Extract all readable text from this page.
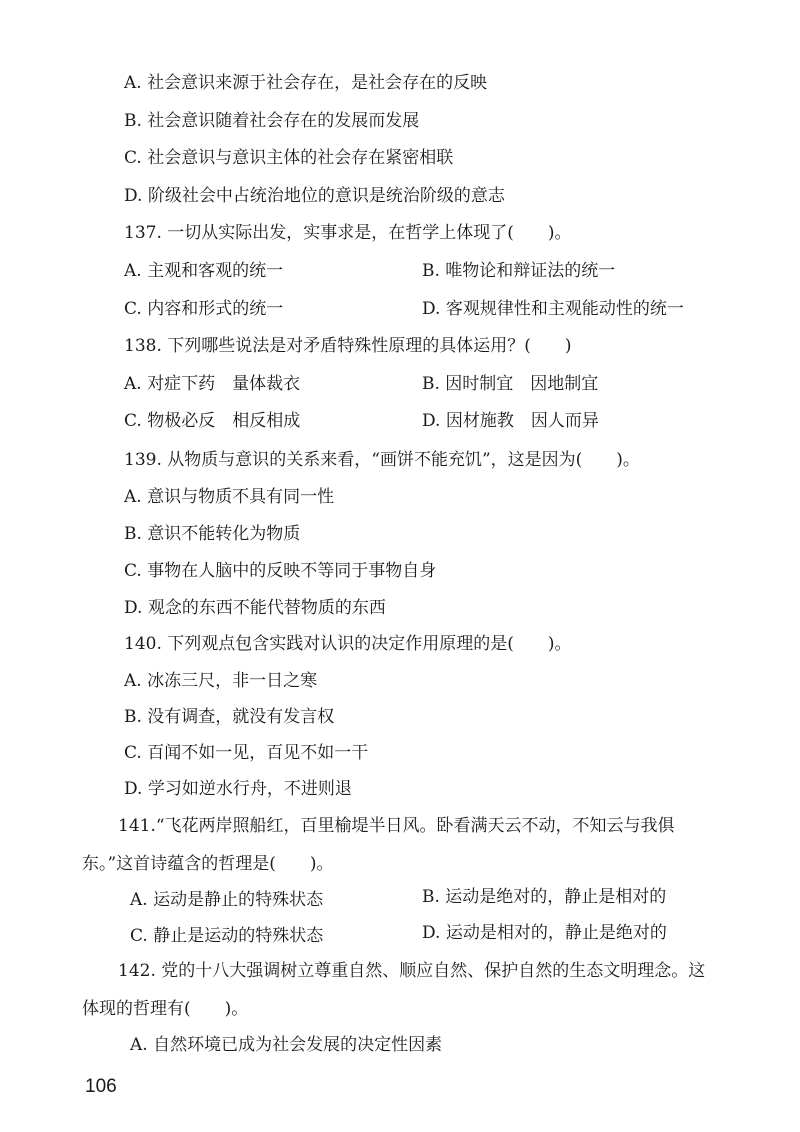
A. 社会意识来源于社会存在，是社会存在的反映
B. 社会意识随着社会存在的发展而发展
C. 社会意识与意识主体的社会存在紧密相联
D. 阶级社会中占统治地位的意识是统治阶级的意志
137. 一切从实际出发，实事求是，在哲学上体现了(　　)。
A. 主观和客观的统一	B. 唯物论和辩证法的统一
C. 内容和形式的统一	D. 客观规律性和主观能动性的统一
138. 下列哪些说法是对矛盾特殊性原理的具体运用？(　　)
A. 对症下药　量体裁衣	B. 因时制宜　因地制宜
C. 物极必反　相反相成	D. 因材施教　因人而异
139. 从物质与意识的关系来看，“画饼不能充饥”，这是因为(　　)。
A. 意识与物质不具有同一性
B. 意识不能转化为物质
C. 事物在人脑中的反映不等同于事物自身
D. 观念的东西不能代替物质的东西
140. 下列观点包含实践对认识的决定作用原理的是(　　)。
A. 冰冻三尺，非一日之寒
B. 没有调查，就没有发言权
C. 百闻不如一见，百见不如一干
D. 学习如逆水行舟，不进则退
141.“飞花两岸照船红，百里榆堤半日风。卧看满天云不动，不知云与我俱
东。”这首诗蕴含的哲理是(　　)。
A. 运动是静止的特殊状态	B. 运动是绝对的，静止是相对的
C. 静止是运动的特殊状态	D. 运动是相对的，静止是绝对的
142. 党的十八大强调树立尊重自然、顺应自然、保护自然的生态文明理念。这
体现的哲理有(　　)。
A. 自然环境已成为社会发展的决定性因素
106
